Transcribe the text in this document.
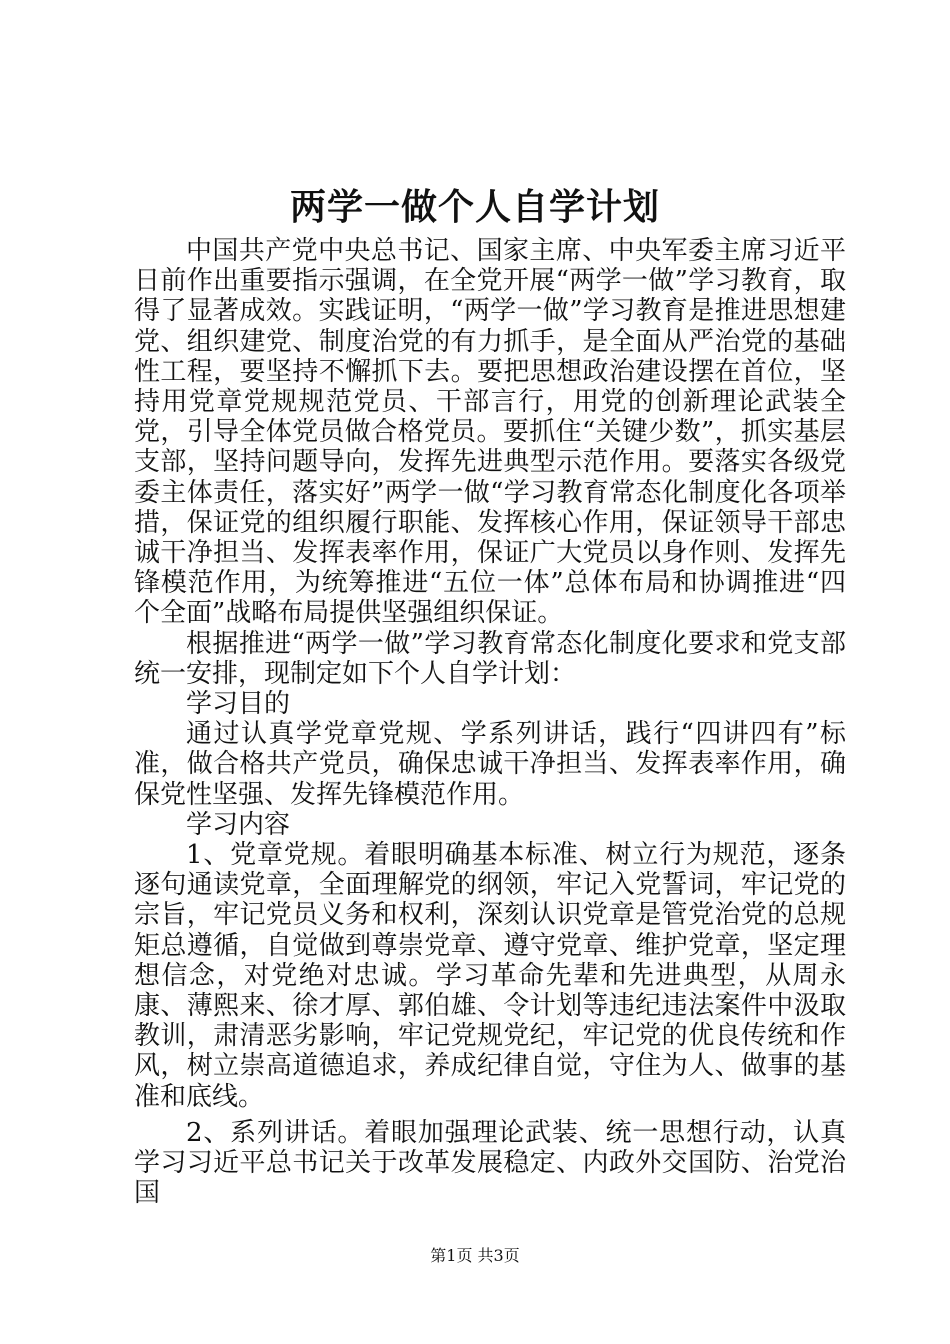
两学一做个人自学计划

中国共产党中央总书记、国家主席、中央军委主席习近平日前作出重要指示强调，在全党开展“两学一做”学习教育，取得了显著成效。实践证明，“两学一做”学习教育是推进思想建党、组织建党、制度治党的有力抓手，是全面从严治党的基础性工程，要坚持不懈抓下去。要把思想政治建设摆在首位，坚持用党章党规规范党员、干部言行，用党的创新理论武装全党，引导全体党员做合格党员。要抓住“关键少数”，抓实基层支部，坚持问题导向，发挥先进典型示范作用。要落实各级党委主体责任，落实好”两学一做“学习教育常态化制度化各项举措，保证党的组织履行职能、发挥核心作用，保证领导干部忠诚干净担当、发挥表率作用，保证广大党员以身作则、发挥先锋模范作用，为统筹推进“五位一体”总体布局和协调推进“四个全面”战略布局提供坚强组织保证。

根据推进“两学一做”学习教育常态化制度化要求和党支部统一安排，现制定如下个人自学计划：

学习目的

通过认真学党章党规、学系列讲话，践行“四讲四有”标准，做合格共产党员，确保忠诚干净担当、发挥表率作用，确保党性坚强、发挥先锋模范作用。

学习内容

1、党章党规。着眼明确基本标准、树立行为规范，逐条逐句通读党章，全面理解党的纲领，牢记入党誓词，牢记党的宗旨，牢记党员义务和权利，深刻认识党章是管党治党的总规矩总遵循，自觉做到尊崇党章、遵守党章、维护党章，坚定理想信念，对党绝对忠诚。学习革命先辈和先进典型，从周永康、薄熙来、徐才厚、郭伯雄、令计划等违纪违法案件中汲取教训，肃清恶劣影响，牢记党规党纪，牢记党的优良传统和作风，树立崇高道德追求，养成纪律自觉，守住为人、做事的基准和底线。

2、系列讲话。着眼加强理论武装、统一思想行动，认真学习习近平总书记关于改革发展稳定、内政外交国防、治党治国

第1页 共3页
